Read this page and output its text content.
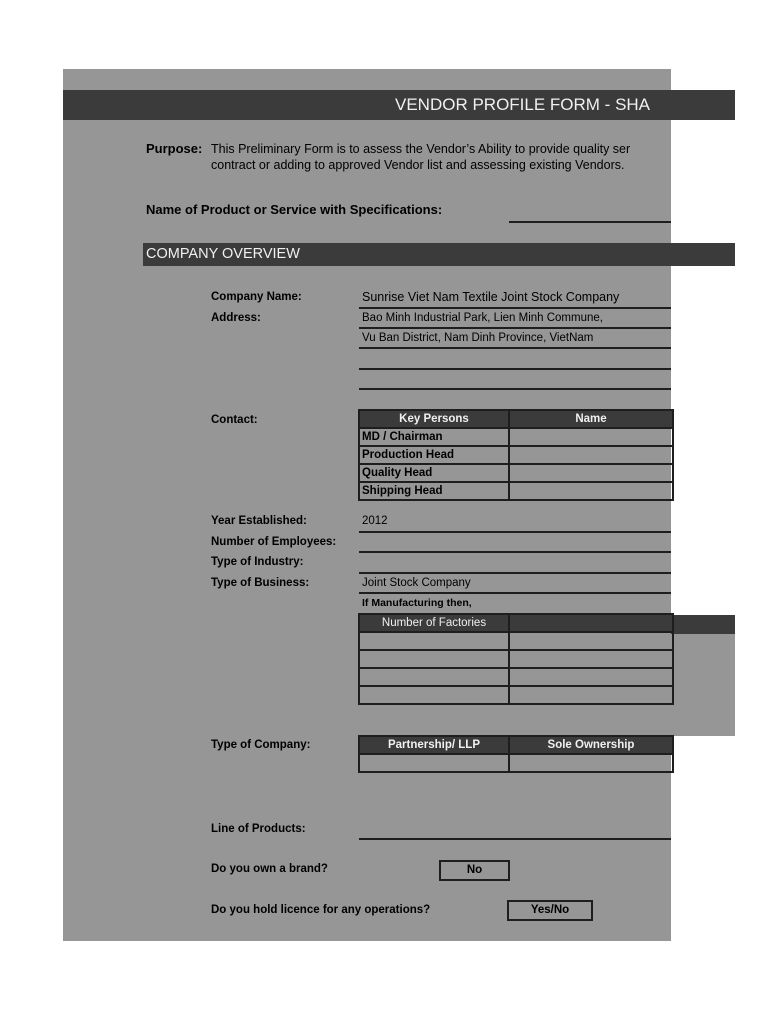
VENDOR PROFILE FORM - SHA
Purpose: This Preliminary Form is to assess the Vendor’s Ability to provide quality ser
contract or adding to approved Vendor list and assessing existing Vendors.
Name of Product or Service with Specifications:
COMPANY OVERVIEW
Company Name:	Sunrise Viet Nam Textile Joint Stock Company
Address:	Bao Minh Industrial Park, Lien Minh Commune,
Vu Ban District, Nam Dinh Province, VietNam
Contact:	Key Persons	Name
MD / Chairman	
Production Head	
Quality Head	
Shipping Head	
Year Established:	2012
Number of Employees:
Type of Industry:
Type of Business:	Joint Stock Company
If Manufacturing then,
Number of Factories	

Type of Company:	Partnership/ LLP	Sole Ownership

Line of Products:
Do you own a brand?	No
Do you hold licence for any operations?	Yes/No
